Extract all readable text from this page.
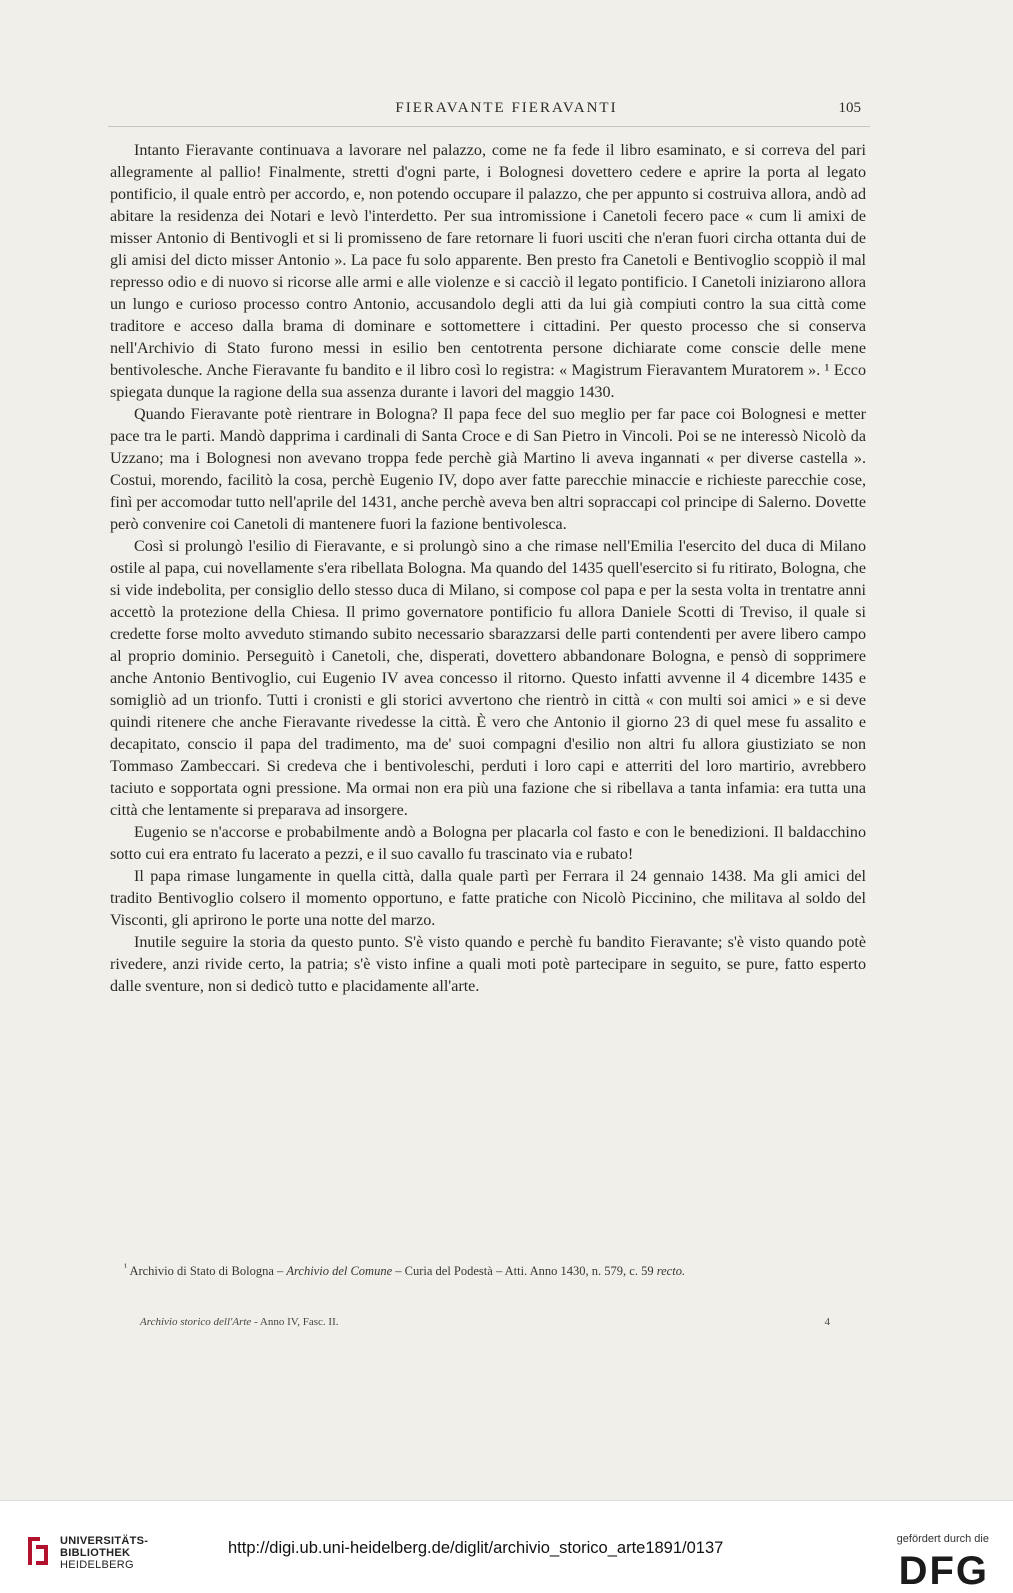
FIERAVANTE FIERAVANTI	105

Intanto Fieravante continuava a lavorare nel palazzo, come ne fa fede il libro esaminato, e si correva del pari allegramente al pallio! Finalmente, stretti d'ogni parte, i Bolognesi dovettero cedere e aprire la porta al legato pontificio, il quale entrò per accordo, e, non potendo occupare il palazzo, che per appunto si costruiva allora, andò ad abitare la residenza dei Notari e levò l'interdetto. Per sua intromissione i Canetoli fecero pace « cum li amixi de misser Antonio di Bentivogli et si li promisseno de fare retornare li fuori usciti che n'eran fuori circha ottanta dui de gli amisi del dicto misser Antonio ». La pace fu solo apparente. Ben presto fra Canetoli e Bentivoglio scoppiò il mal represso odio e di nuovo si ricorse alle armi e alle violenze e si cacciò il legato pontificio. I Canetoli iniziarono allora un lungo e curioso processo contro Antonio, accusandolo degli atti da lui già compiuti contro la sua città come traditore e acceso dalla brama di dominare e sottomettere i cittadini. Per questo processo che si conserva nell'Archivio di Stato furono messi in esilio ben centotrenta persone dichiarate come conscie delle mene bentivolesche. Anche Fieravante fu bandito e il libro così lo registra: « Magistrum Fieravantem Muratorem ». ¹ Ecco spiegata dunque la ragione della sua assenza durante i lavori del maggio 1430.

Quando Fieravante potè rientrare in Bologna? Il papa fece del suo meglio per far pace coi Bolognesi e metter pace tra le parti. Mandò dapprima i cardinali di Santa Croce e di San Pietro in Vincoli. Poi se ne interessò Nicolò da Uzzano; ma i Bolognesi non avevano troppa fede perchè già Martino li aveva ingannati « per diverse castella ». Costui, morendo, facilitò la cosa, perchè Eugenio IV, dopo aver fatte parecchie minaccie e richieste parecchie cose, finì per accomodar tutto nell'aprile del 1431, anche perchè aveva ben altri sopraccapi col principe di Salerno. Dovette però convenire coi Canetoli di mantenere fuori la fazione bentivolesca.

Così si prolungò l'esilio di Fieravante, e si prolungò sino a che rimase nell'Emilia l'esercito del duca di Milano ostile al papa, cui novellamente s'era ribellata Bologna. Ma quando del 1435 quell'esercito si fu ritirato, Bologna, che si vide indebolita, per consiglio dello stesso duca di Milano, si compose col papa e per la sesta volta in trentatre anni accettò la protezione della Chiesa. Il primo governatore pontificio fu allora Daniele Scotti di Treviso, il quale si credette forse molto avveduto stimando subito necessario sbarazzarsi delle parti contendenti per avere libero campo al proprio dominio. Perseguitò i Canetoli, che, disperati, dovettero abbandonare Bologna, e pensò di sopprimere anche Antonio Bentivoglio, cui Eugenio IV avea concesso il ritorno. Questo infatti avvenne il 4 dicembre 1435 e somigliò ad un trionfo. Tutti i cronisti e gli storici avvertono che rientrò in città « con multi soi amici » e si deve quindi ritenere che anche Fieravante rivedesse la città. È vero che Antonio il giorno 23 di quel mese fu assalito e decapitato, conscio il papa del tradimento, ma de' suoi compagni d'esilio non altri fu allora giustiziato se non Tommaso Zambeccari. Si credeva che i bentivoleschi, perduti i loro capi e atterriti del loro martirio, avrebbero taciuto e sopportata ogni pressione. Ma ormai non era più una fazione che si ribellava a tanta infamia: era tutta una città che lentamente si preparava ad insorgere.

Eugenio se n'accorse e probabilmente andò a Bologna per placarla col fasto e con le benedizioni. Il baldacchino sotto cui era entrato fu lacerato a pezzi, e il suo cavallo fu trascinato via e rubato!

Il papa rimase lungamente in quella città, dalla quale partì per Ferrara il 24 gennaio 1438. Ma gli amici del tradito Bentivoglio colsero il momento opportuno, e fatte pratiche con Nicolò Piccinino, che militava al soldo del Visconti, gli aprirono le porte una notte del marzo.

Inutile seguire la storia da questo punto. S'è visto quando e perchè fu bandito Fieravante; s'è visto quando potè rivedere, anzi rivide certo, la patria; s'è visto infine a quali moti potè partecipare in seguito, se pure, fatto esperto dalle sventure, non si dedicò tutto e placidamente all'arte.

$^{^1}$ Archivio di Stato di Bologna – Archivio del Comune – Curia del Podestà – Atti. Anno 1430, n. 579, c. 59 recto.

Archivio storico dell'Arte - Anno IV, Fasc. II.	4
UNIVERSITÄTS-
BIBLIOTHEK
HEIDELBERG
http://digi.ub.uni-heidelberg.de/diglit/archivio_storico_arte1891/0137	gefördert durch die
DFG
